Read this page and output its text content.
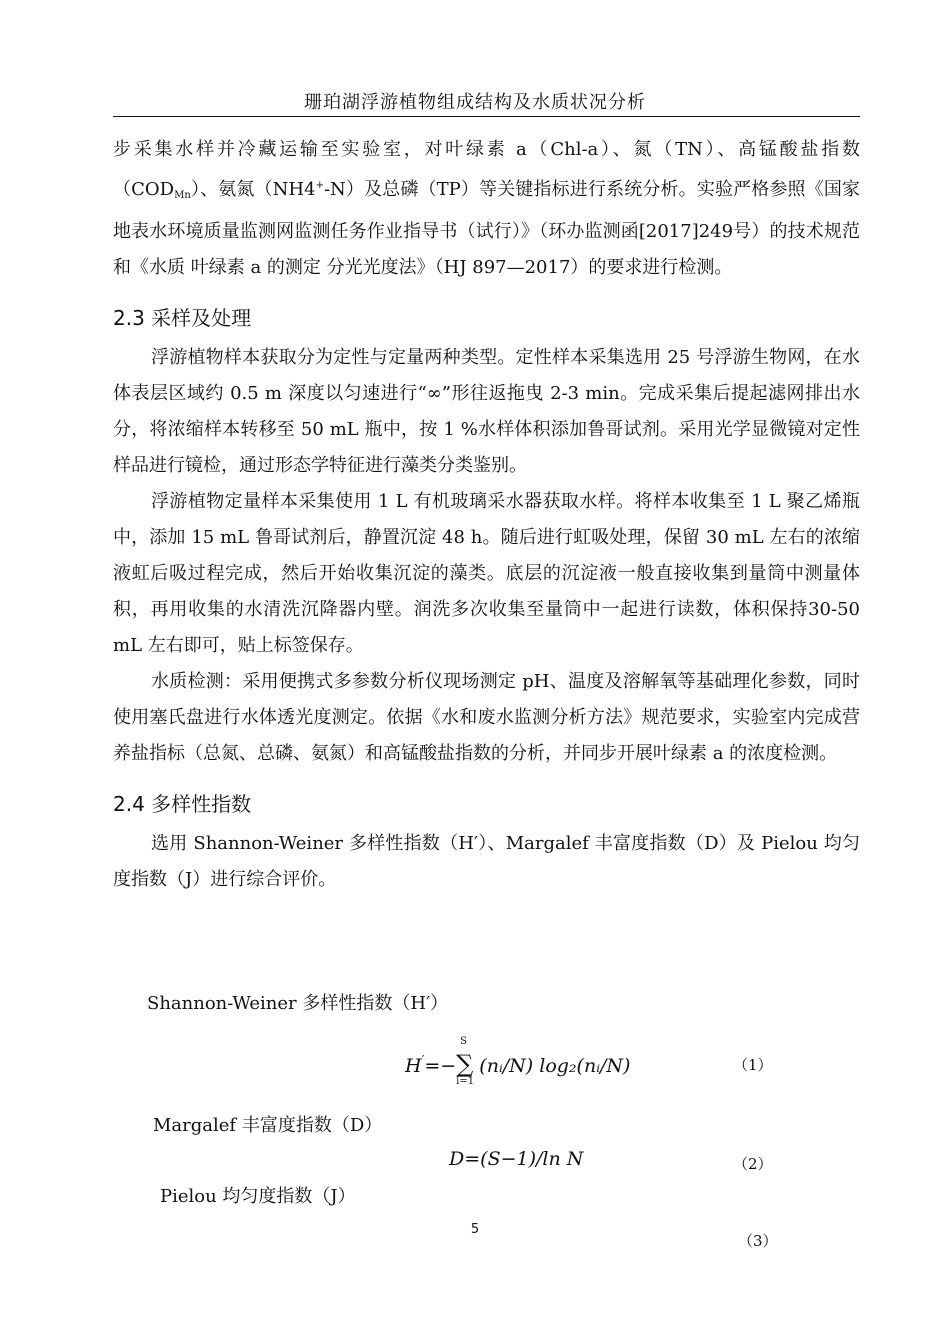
珊珀湖浮游植物组成结构及水质状况分析

步采集水样并冷藏运输至实验室，对叶绿素 a（Chl-a）、氮（TN）、高锰酸盐指数$(COD_{Mn})$、氨氮（NH4+-N）及总磷（TP）等关键指标进行系统分析。实验严格参照《国家地表水环境质量监测网监测任务作业指导书（试行）》（环办监测函[2017]249号）的技术规范和《水质 叶绿素 a 的测定 分光光度法》（HJ 897—2017）的要求进行检测。

2.3 采样及处理

浮游植物样本获取分为定性与定量两种类型。定性样本采集选用 25 号浮游生物网，在水体表层区域约 0.5 m 深度以匀速进行“∞”形往返拖曳 2-3 min。完成采集后提起滤网排出水分，将浓缩样本转移至 50 mL 瓶中，按 1 %水样体积添加鲁哥试剂。采用光学显微镜对定性样品进行镜检，通过形态学特征进行藻类分类鉴别。

浮游植物定量样本采集使用 1 L 有机玻璃采水器获取水样。将样本收集至 1 L 聚乙烯瓶中，添加 15 mL 鲁哥试剂后，静置沉淀 48 h。随后进行虹吸处理，保留 30 mL 左右的浓缩液虹后吸过程完成，然后开始收集沉淀的藻类。底层的沉淀液一般直接收集到量筒中测量体积，再用收集的水清洗沉降器内壁。润洗多次收集至量筒中一起进行读数，体积保持30-50 mL 左右即可，贴上标签保存。

水质检测：采用便携式多参数分析仪现场测定 pH、温度及溶解氧等基础理化参数，同时使用塞氏盘进行水体透光度测定。依据《水和废水监测分析方法》规范要求，实验室内完成营养盐指标（总氮、总磷、氨氮）和高锰酸盐指数的分析，并同步开展叶绿素 a 的浓度检测。

2.4 多样性指数

选用 Shannon-Weiner 多样性指数（H′）、Margalef 丰富度指数（D）及 Pielou 均匀度指数（J）进行综合评价。

Shannon-Weiner 多样性指数（H′）
H′=−∑
S
i=1
(nᵢ/N) log₂(nᵢ/N)	（1）
Margalef 丰富度指数（D）
D=(S−1)/ln N	（2）
Pielou 均匀度指数（J）
5
（3）
